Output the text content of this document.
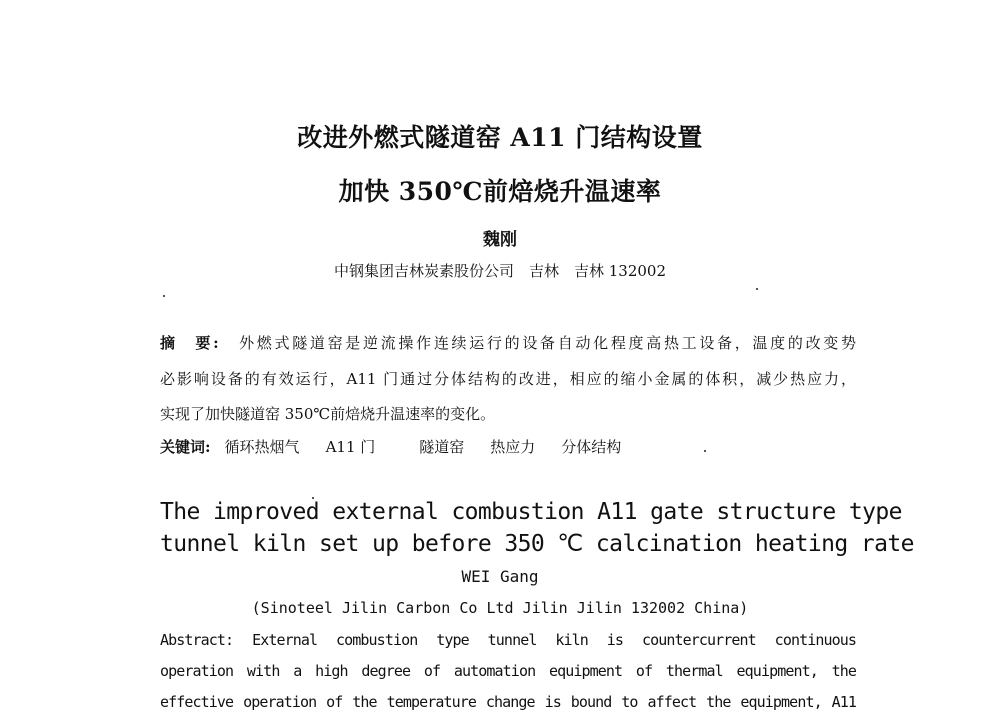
改进外燃式隧道窑 A11 门结构设置
加快 350℃前焙烧升温速率
魏刚
中钢集团吉林炭素股份公司　吉林　吉林 132002
摘　要:　 外燃式隧道窑是逆流操作连续运行的设备自动化程度高热工设备，温度的改变势
必影响设备的有效运行，A11 门通过分体结构的改进，相应的缩小金属的体积，减少热应力，
实现了加快隧道窑 350℃前焙烧升温速率的变化。
关键词: 循环热烟气 A11 门	隧道窑 热应力 分体结构
The improved external combustion A11 gate structure type
tunnel kiln set up before 350 ℃ calcination heating rate
WEI Gang
(Sinoteel Jilin Carbon Co Ltd Jilin Jilin 132002 China)
Abstract: External combustion type tunnel kiln is countercurrent continuous
operation with a high degree of automation equipment of thermal equipment, the
effective operation of the temperature change is bound to affect the equipment, A11
